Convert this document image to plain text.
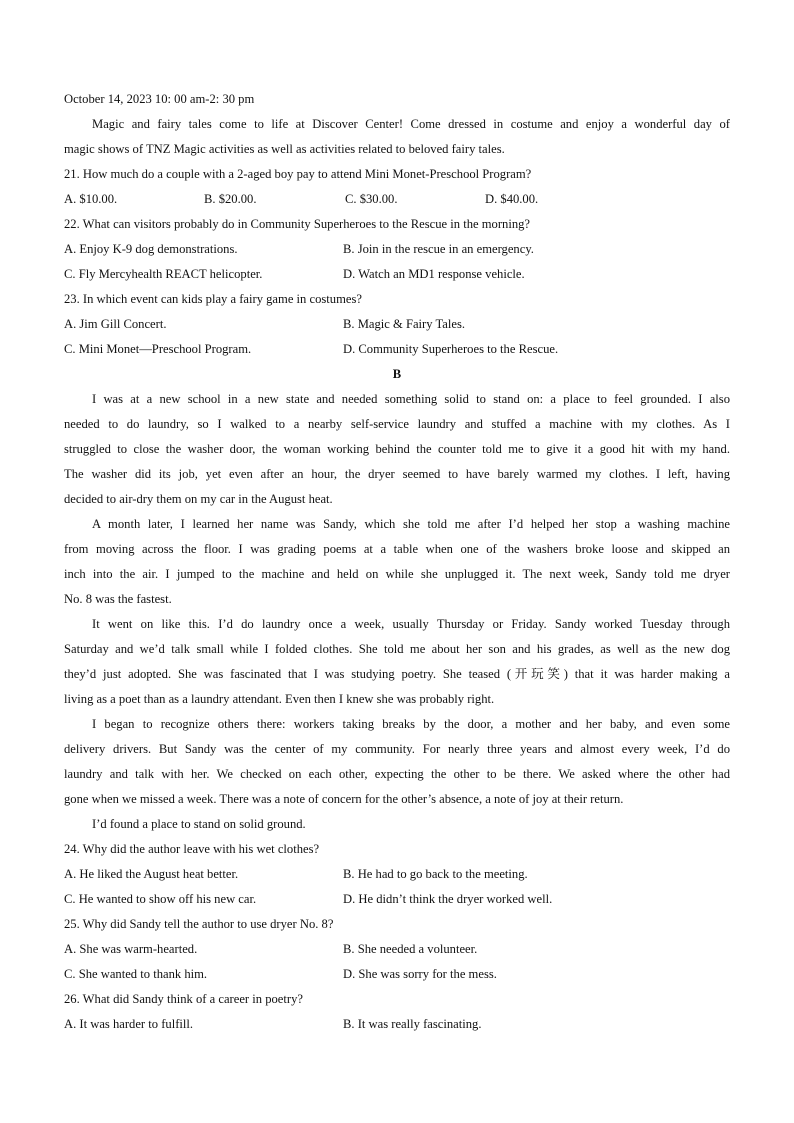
October 14, 2023 10: 00 am-2: 30 pm
Magic and fairy tales come to life at Discover Center! Come dressed in costume and enjoy a wonderful day of
magic shows of TNZ Magic activities as well as activities related to beloved fairy tales.
21. How much do a couple with a 2-aged boy pay to attend Mini Monet-Preschool Program?
A. $10.00.	B. $20.00.	C. $30.00.	D. $40.00.
22. What can visitors probably do in Community Superheroes to the Rescue in the morning?
A. Enjoy K-9 dog demonstrations.	B. Join in the rescue in an emergency.
C. Fly Mercyhealth REACT helicopter.	D. Watch an MD1 response vehicle.
23. In which event can kids play a fairy game in costumes?
A. Jim Gill Concert.	B. Magic & Fairy Tales.
C. Mini Monet—Preschool Program.	D. Community Superheroes to the Rescue.
B
I was at a new school in a new state and needed something solid to stand on: a place to feel grounded. I also
needed to do laundry, so I walked to a nearby self-service laundry and stuffed a machine with my clothes. As I
struggled to close the washer door, the woman working behind the counter told me to give it a good hit with my hand.
The washer did its job, yet even after an hour, the dryer seemed to have barely warmed my clothes. I left, having
decided to air-dry them on my car in the August heat.
A month later, I learned her name was Sandy, which she told me after I’d helped her stop a washing machine
from moving across the floor. I was grading poems at a table when one of the washers broke loose and skipped an
inch into the air. I jumped to the machine and held on while she unplugged it. The next week, Sandy told me dryer
No. 8 was the fastest.
It went on like this. I’d do laundry once a week, usually Thursday or Friday. Sandy worked Tuesday through
Saturday and we’d talk small while I folded clothes. She told me about her son and his grades, as well as the new dog
they’d just adopted. She was fascinated that I was studying poetry. She teased (开玩笑) that it was harder making a
living as a poet than as a laundry attendant. Even then I knew she was probably right.
I began to recognize others there: workers taking breaks by the door, a mother and her baby, and even some
delivery drivers. But Sandy was the center of my community. For nearly three years and almost every week, I’d do
laundry and talk with her. We checked on each other, expecting the other to be there. We asked where the other had
gone when we missed a week. There was a note of concern for the other’s absence, a note of joy at their return.
I’d found a place to stand on solid ground.
24. Why did the author leave with his wet clothes?
A. He liked the August heat better.	B. He had to go back to the meeting.
C. He wanted to show off his new car.	D. He didn’t think the dryer worked well.
25. Why did Sandy tell the author to use dryer No. 8?
A. She was warm-hearted.	B. She needed a volunteer.
C. She wanted to thank him.	D. She was sorry for the mess.
26. What did Sandy think of a career in poetry?
A. It was harder to fulfill.	B. It was really fascinating.
